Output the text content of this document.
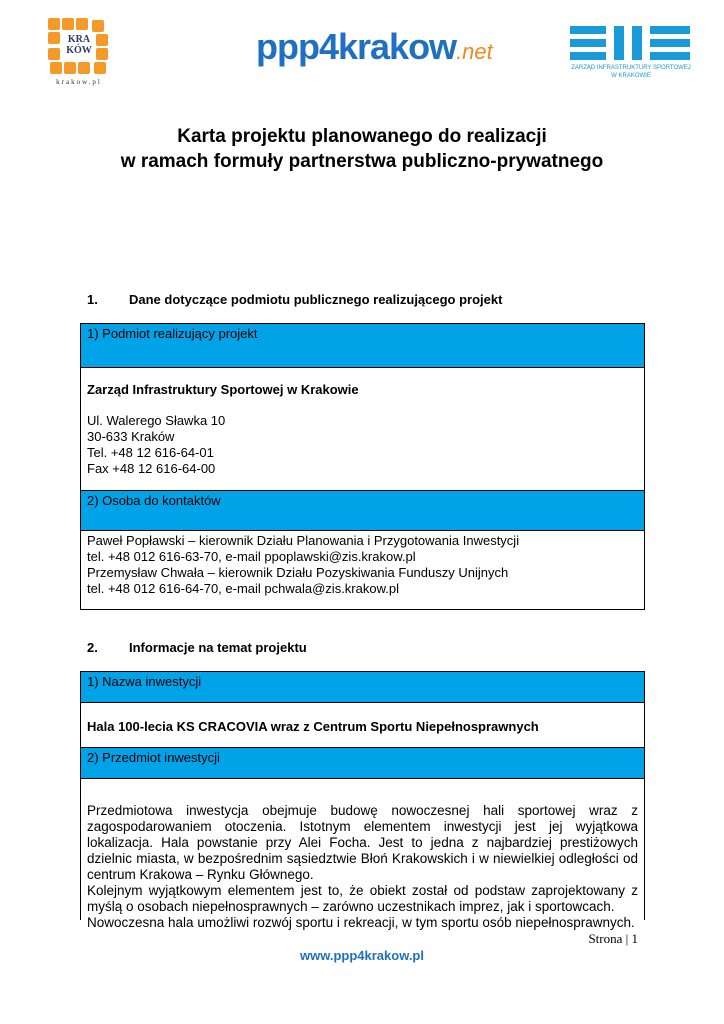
KRA
KÓW
krakow.pl
ppp4krakow.net
ZARZĄD INFRASTRUKTURY SPORTOWEJ
W KRAKOWIE
Karta projektu planowanego do realizacji
w ramach formuły partnerstwa publiczno-prywatnego
1. Dane dotyczące podmiotu publicznego realizującego projekt
1) Podmiot realizujący projekt
Zarząd Infrastruktury Sportowej w Krakowie
Ul. Walerego Sławka 10
30-633 Kraków
Tel. +48 12 616-64-01
Fax +48 12 616-64-00
2) Osoba do kontaktów
Paweł Popławski – kierownik Działu Planowania i Przygotowania Inwestycji
tel. +48 012 616-63-70, e-mail ppoplawski@zis.krakow.pl
Przemysław Chwała – kierownik Działu Pozyskiwania Funduszy Unijnych
tel. +48 012 616-64-70, e-mail pchwala@zis.krakow.pl
2. Informacje na temat projektu
1) Nazwa inwestycji
Hala 100-lecia KS CRACOVIA wraz z Centrum Sportu Niepełnosprawnych
2) Przedmiot inwestycji
Przedmiotowa inwestycja obejmuje budowę nowoczesnej hali sportowej wraz z zagospodarowaniem otoczenia. Istotnym elementem inwestycji jest jej wyjątkowa lokalizacja. Hala powstanie przy Alei Focha. Jest to jedna z najbardziej prestiżowych dzielnic miasta, w bezpośrednim sąsiedztwie Błoń Krakowskich i w niewielkiej odległości od centrum Krakowa – Rynku Głównego.
Kolejnym wyjątkowym elementem jest to, że obiekt został od podstaw zaprojektowany z myślą o osobach niepełnosprawnych – zarówno uczestnikach imprez, jak i sportowcach.
Nowoczesna hala umożliwi rozwój sportu i rekreacji, w tym sportu osób niepełnosprawnych.
Strona | 1
www.ppp4krakow.pl
